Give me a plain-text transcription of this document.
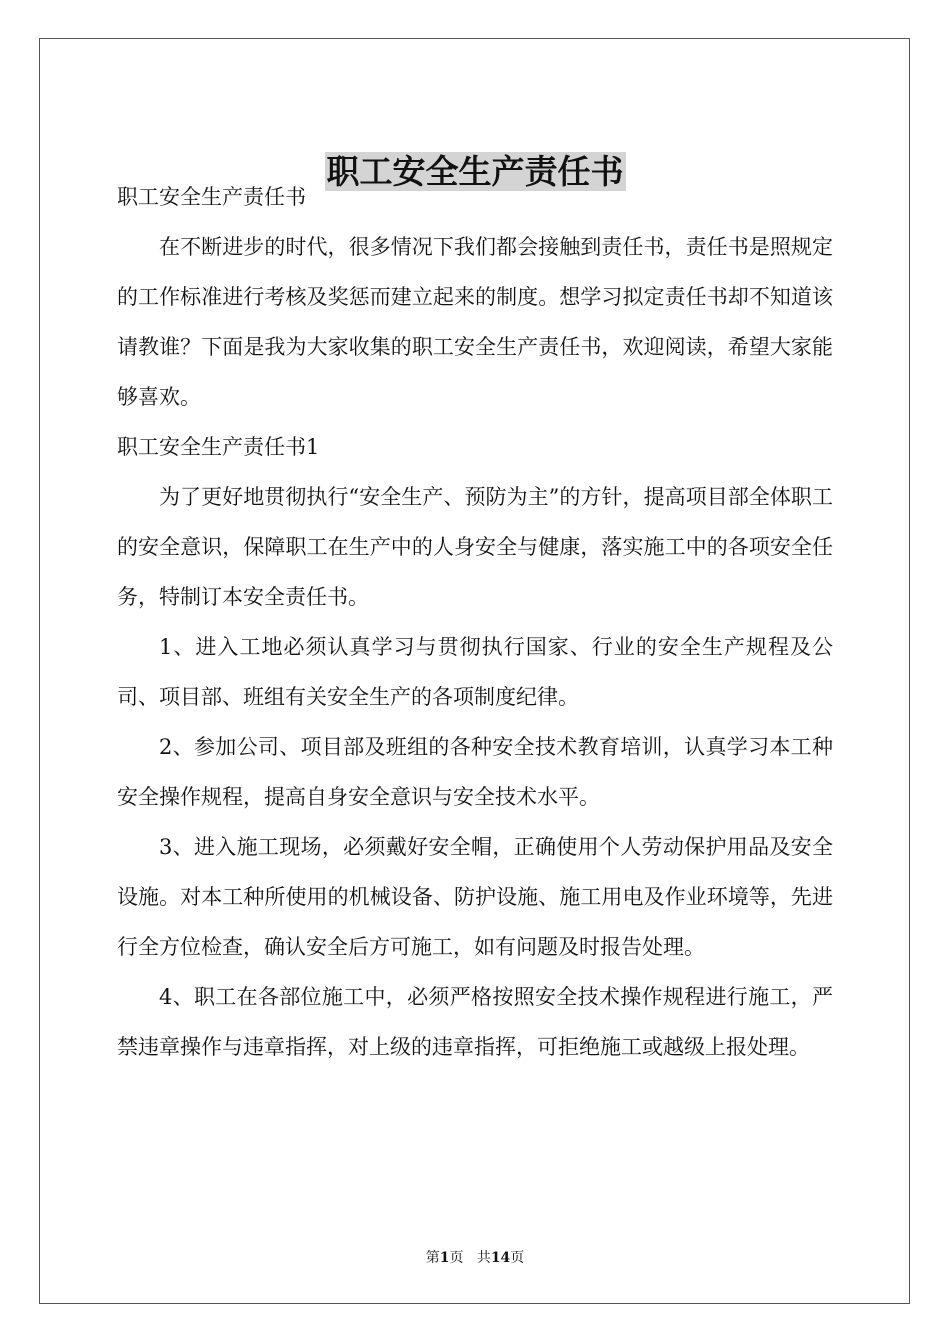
职工安全生产责任书

职工安全生产责任书

在不断进步的时代，很多情况下我们都会接触到责任书，责任书是照规定的工作标准进行考核及奖惩而建立起来的制度。想学习拟定责任书却不知道该请教谁？下面是我为大家收集的职工安全生产责任书，欢迎阅读，希望大家能够喜欢。

职工安全生产责任书1

为了更好地贯彻执行“安全生产、预防为主”的方针，提高项目部全体职工的安全意识，保障职工在生产中的人身安全与健康，落实施工中的各项安全任务，特制订本安全责任书。

1、进入工地必须认真学习与贯彻执行国家、行业的安全生产规程及公司、项目部、班组有关安全生产的各项制度纪律。

2、参加公司、项目部及班组的各种安全技术教育培训，认真学习本工种安全操作规程，提高自身安全意识与安全技术水平。

3、进入施工现场，必须戴好安全帽，正确使用个人劳动保护用品及安全设施。对本工种所使用的机械设备、防护设施、施工用电及作业环境等，先进行全方位检查，确认安全后方可施工，如有问题及时报告处理。

4、职工在各部位施工中，必须严格按照安全技术操作规程进行施工，严禁违章操作与违章指挥，对上级的违章指挥，可拒绝施工或越级上报处理。

第1页 共14页
